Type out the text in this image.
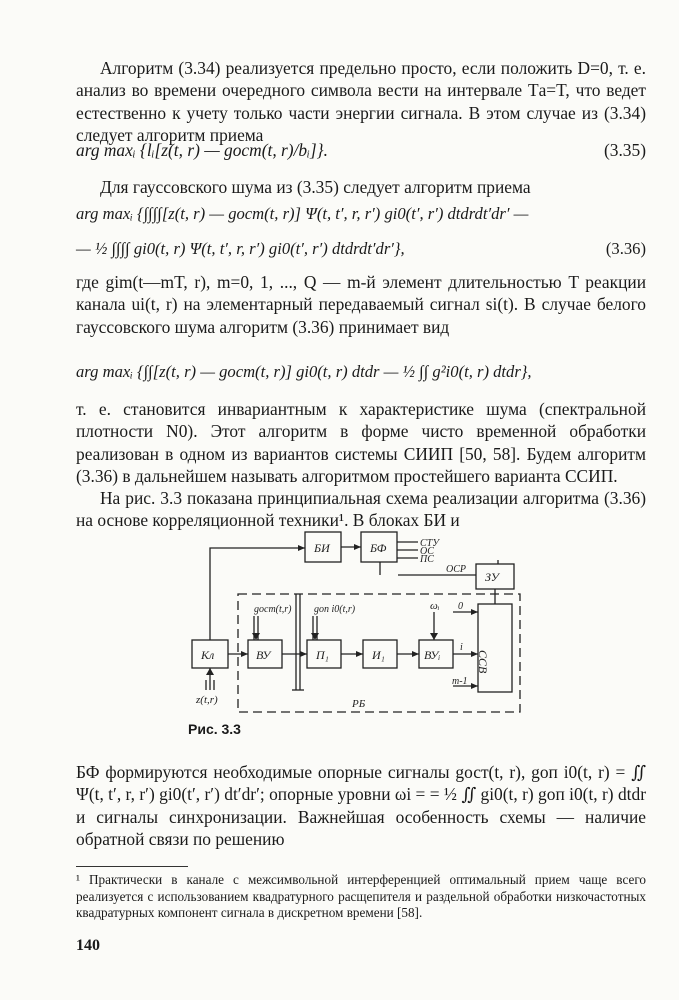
Алгоритм (3.34) реализуется предельно просто, если положить D=0, т. е. анализ во времени очередного символа вести на интервале Tа=T, что ведет естественно к учету только части энергии сигнала. В этом случае из (3.34) следует алгоритм приема

arg maxᵢ {lᵢ[z(t, r) — gост(t, r)/bᵢ]}.	(3.35)

Для гауссовского шума из (3.35) следует алгоритм приема

arg maxᵢ {∫∫∫∫[z(t, r) — gост(t, r)] Ψ(t, t′, r, r′) gi0(t′, r′) dtdrdt′dr′ —
— ½ ∫∫∫∫ gi0(t, r) Ψ(t, t′, r, r′) gi0(t′, r′) dtdrdt′dr′},	(3.36)

где gim(t—mT, r), m=0, 1, ..., Q — m-й элемент длительностью T реакции канала ui(t, r) на элементарный передаваемый сигнал si(t). В случае белого гауссовского шума алгоритм (3.36) принимает вид

arg maxᵢ {∫∫[z(t, r) — gост(t, r)] gi0(t, r) dtdr — ½ ∫∫ g²i0(t, r) dtdr},

т. е. становится инвариантным к характеристике шума (спектральной плотности N0). Этот алгоритм в форме чисто временной обработки реализован в одном из вариантов системы СИИП [50, 58]. Будем алгоритм (3.36) в дальнейшем называть алгоритмом простейшего варианта ССИП.

На рис. 3.3 показана принципиальная схема реализации алгоритма (3.36) на основе корреляционной техники¹. В блоках БИ и

БИ	БФ
ЗУ
Кл	ВУ	П₁	И₁	ВУᵢ	ССВ
СТУ
ОС
ПС
ОСР
gост(t,r) gоп i0(t,r)	ωᵢ 0
i
m-1
z(t,r)	РБ
Рис. 3.3

БФ формируются необходимые опорные сигналы gост(t, r), gоп i0(t, r) = ∬ Ψ(t, t′, r, r′) gi0(t′, r′) dt′dr′; опорные уровни ωi = = ½ ∬ gi0(t, r) gоп i0(t, r) dtdr и сигналы синхронизации. Важнейшая особенность схемы — наличие обратной связи по решению

¹ Практически в канале с межсимвольной интерференцией оптимальный прием чаще всего реализуется с использованием квадратурного расщепителя и раздельной обработки низкочастотных квадратурных компонент сигнала в дискретном времени [58].
140
